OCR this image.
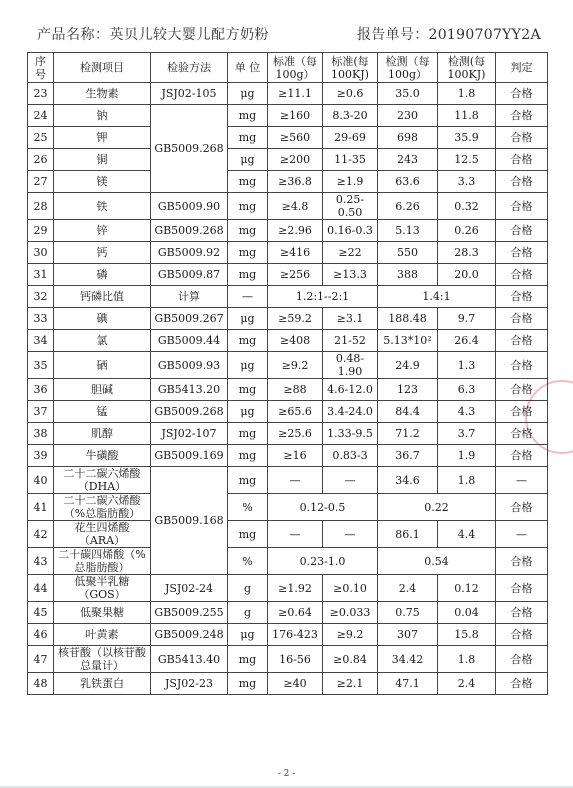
产品名称：英贝儿较大婴儿配方奶粉	报告单号：20190707YY2A
序号	检测项目	检验方法	单 位	标准（每100g）	标准(每100KJ)	检测（每100g）	检测(每100KJ)	判定
23	生物素	JSJ02-105	μg	≥11.1	≥0.6	35.0	1.8	合格
24	钠	GB5009.268	mg	≥160	8.3-20	230	11.8	合格
25	钾		mg	≥560	29-69	698	35.9	合格
26	铜		μg	≥200	11-35	243	12.5	合格
27	镁		mg	≥36.8	≥1.9	63.6	3.3	合格
28	铁	GB5009.90	mg	≥4.8	0.25-0.50	6.26	0.32	合格
29	锌	GB5009.268	mg	≥2.96	0.16-0.3	5.13	0.26	合格
30	钙	GB5009.92	mg	≥416	≥22	550	28.3	合格
31	磷	GB5009.87	mg	≥256	≥13.3	388	20.0	合格
32	钙磷比值	计算	—	1.2:1--2:1		1.4:1		合格
33	碘	GB5009.267	μg	≥59.2	≥3.1	188.48	9.7	合格
34	氯	GB5009.44	mg	≥408	21-52	5.13*10²	26.4	合格
35	硒	GB5009.93	μg	≥9.2	0.48-1.90	24.9	1.3	合格
36	胆碱	GB5413.20	mg	≥88	4.6-12.0	123	6.3	合格
37	锰	GB5009.268	μg	≥65.6	3.4-24.0	84.4	4.3	合格
38	肌醇	JSJ02-107	mg	≥25.6	1.33-9.5	71.2	3.7	合格
39	牛磺酸	GB5009.169	mg	≥16	0.83-3	36.7	1.9	合格
40	二十二碳六烯酸（DHA）	GB5009.168	mg	—	—	34.6	1.8	—
41	二十二碳六烯酸（%总脂肪酸）		%	0.12-0.5		0.22		合格
42	花生四烯酸（ARA）		mg	—	—	86.1	4.4	—
43	二十碳四烯酸（%总脂肪酸）		%	0.23-1.0		0.54		合格
44	低聚半乳糖（GOS）	JSJ02-24	g	≥1.92	≥0.10	2.4	0.12	合格
45	低聚果糖	GB5009.255	g	≥0.64	≥0.033	0.75	0.04	合格
46	叶黄素	GB5009.248	μg	176-423	≥9.2	307	15.8	合格
47	核苷酸（以核苷酸总量计）	GB5413.40	mg	16-56	≥0.84	34.42	1.8	合格
48	乳铁蛋白	JSJ02-23	mg	≥40	≥2.1	47.1	2.4	合格
- 2 -
